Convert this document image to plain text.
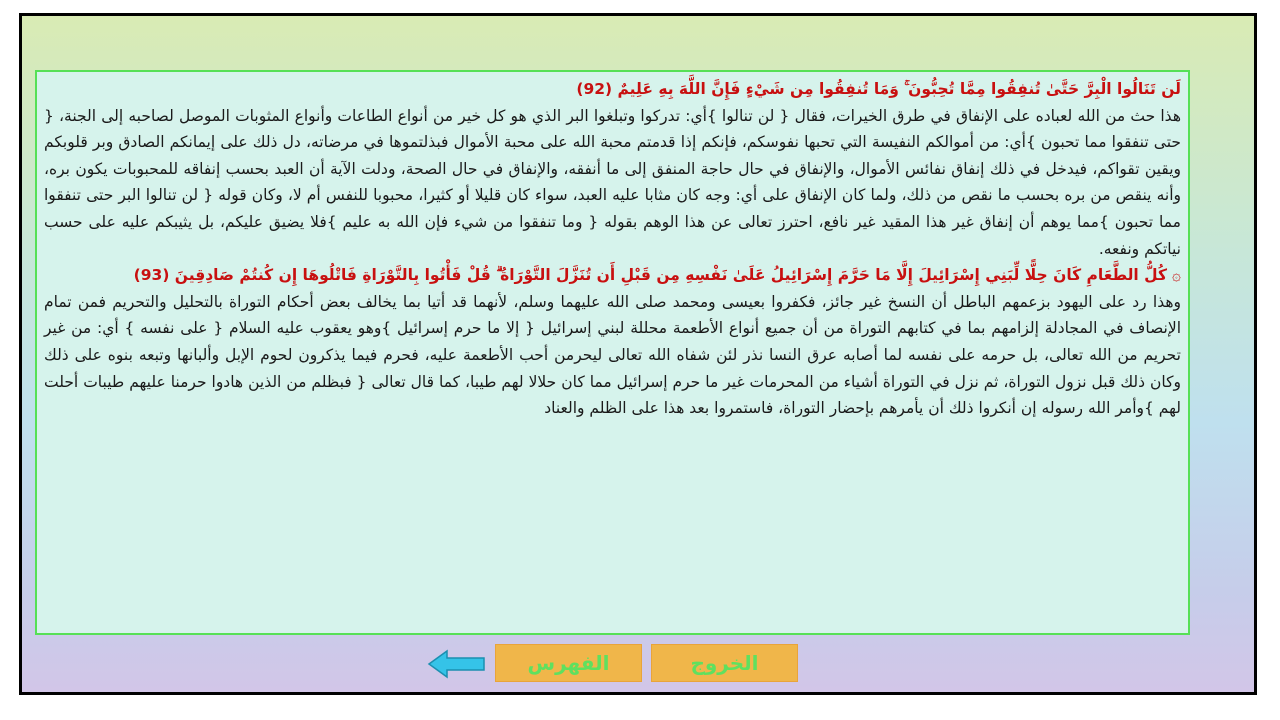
لَن تَنَالُوا الْبِرَّ حَتَّىٰ تُنفِقُوا مِمَّا تُحِبُّونَ ۚ وَمَا تُنفِقُوا مِن شَيْءٍ فَإِنَّ اللَّهَ بِهِ عَلِيمٌ (92)
هذا حث من الله لعباده على الإنفاق في طرق الخيرات، فقال { لن تنالوا }أي: تدركوا وتبلغوا البر الذي هو كل خير من أنواع الطاعات وأنواع المثوبات الموصل لصاحبه إلى الجنة، { حتى تنفقوا مما تحبون }أي: من أموالكم النفيسة التي تحبها نفوسكم، فإنكم إذا قدمتم محبة الله على محبة الأموال فبذلتموها في مرضاته، دل ذلك على إيمانكم الصادق وبر قلوبكم ويقين تقواكم، فيدخل في ذلك إنفاق نفائس الأموال، والإنفاق في حال حاجة المنفق إلى ما أنفقه، والإنفاق في حال الصحة، ودلت الآية أن العبد بحسب إنفاقه للمحبوبات يكون بره، وأنه ينقص من بره بحسب ما نقص من ذلك، ولما كان الإنفاق على أي: وجه كان مثابا عليه العبد، سواء كان قليلا أو كثيرا، محبوبا للنفس أم لا، وكان قوله { لن تنالوا البر حتى تنفقوا مما تحبون }مما يوهم أن إنفاق غير هذا المقيد غير نافع، احترز تعالى عن هذا الوهم بقوله { وما تنفقوا من شيء فإن الله به عليم }فلا يضيق عليكم، بل يثيبكم عليه على حسب نياتكم ونفعه.
۞ كُلُّ الطَّعَامِ كَانَ حِلًّا لِّبَنِي إِسْرَائِيلَ إِلَّا مَا حَرَّمَ إِسْرَائِيلُ عَلَىٰ نَفْسِهِ مِن قَبْلِ أَن تُنَزَّلَ التَّوْرَاةُ ۗ قُلْ فَأْتُوا بِالتَّوْرَاةِ فَاتْلُوهَا إِن كُنتُمْ صَادِقِينَ (93)
وهذا رد على اليهود بزعمهم الباطل أن النسخ غير جائز، فكفروا بعيسى ومحمد صلى الله عليهما وسلم، لأنهما قد أتيا بما يخالف بعض أحكام التوراة بالتحليل والتحريم فمن تمام الإنصاف في المجادلة إلزامهم بما في كتابهم التوراة من أن جميع أنواع الأطعمة محللة لبني إسرائيل { إلا ما حرم إسرائيل }وهو يعقوب عليه السلام { على نفسه } أي: من غير تحريم من الله تعالى، بل حرمه على نفسه لما أصابه عرق النسا نذر لئن شفاه الله تعالى ليحرمن أحب الأطعمة عليه، فحرم فيما يذكرون لحوم الإبل وألبانها وتبعه بنوه على ذلك وكان ذلك قبل نزول التوراة، ثم نزل في التوراة أشياء من المحرمات غير ما حرم إسرائيل مما كان حلالا لهم طيبا، كما قال تعالى { فبظلم من الذين هادوا حرمنا عليهم طيبات أحلت لهم }وأمر الله رسوله إن أنكروا ذلك أن يأمرهم بإحضار التوراة، فاستمروا بعد هذا على الظلم والعناد
الخروج
الفهرس
